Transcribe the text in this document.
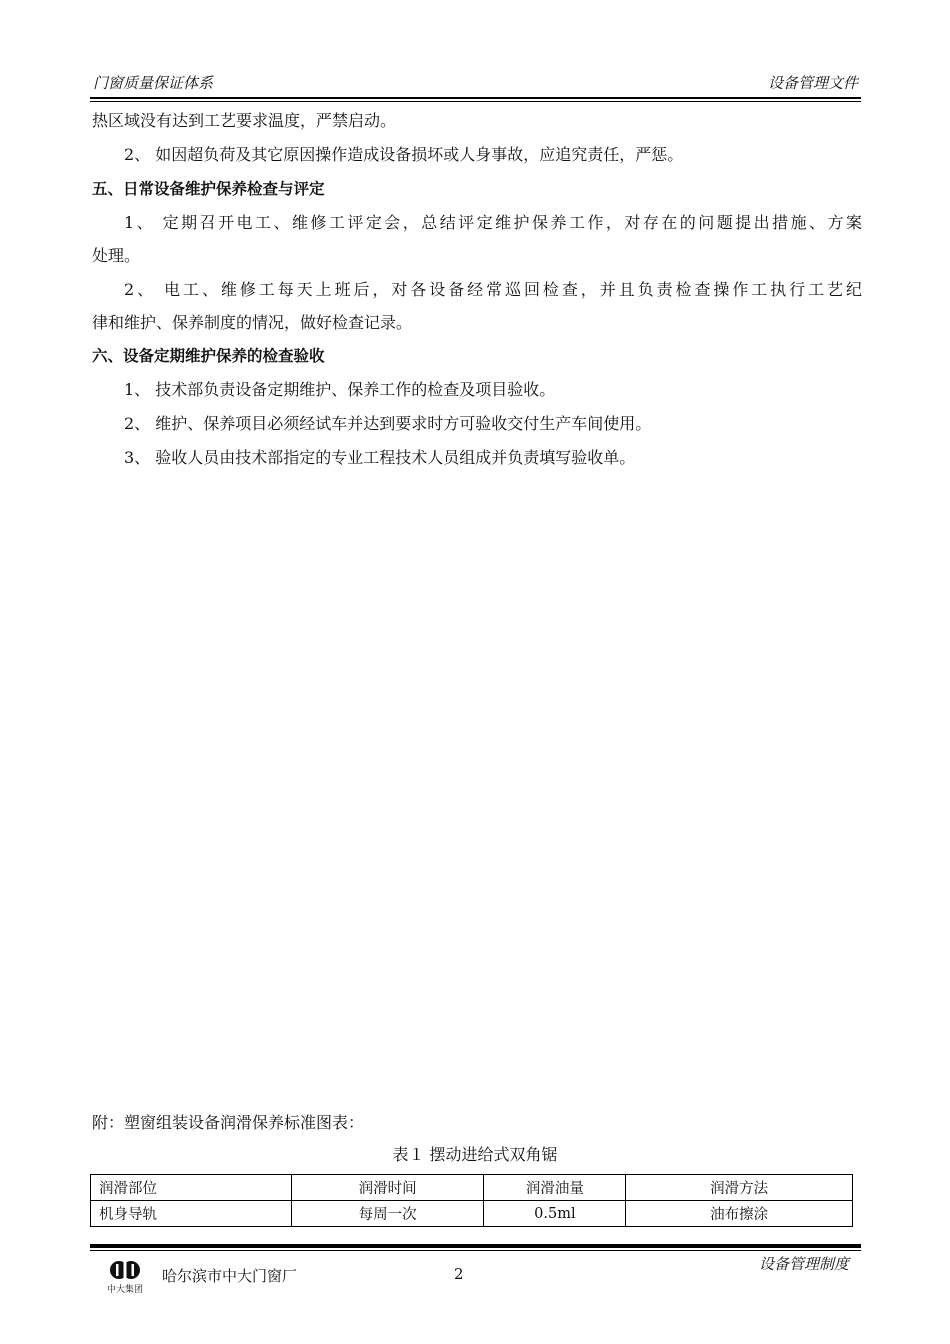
门窗质量保证体系	设备管理文件
热区域没有达到工艺要求温度，严禁启动。
2、 如因超负荷及其它原因操作造成设备损坏或人身事故，应追究责任，严惩。
五、日常设备维护保养检查与评定
1、 定期召开电工、维修工评定会，总结评定维护保养工作，对存在的问题提出措施、方案
处理。
2、 电工、维修工每天上班后，对各设备经常巡回检查，并且负责检查操作工执行工艺纪
律和维护、保养制度的情况，做好检查记录。
六、设备定期维护保养的检查验收
1、 技术部负责设备定期维护、保养工作的检查及项目验收。
2、 维护、保养项目必须经试车并达到要求时方可验收交付生产车间使用。
3、 验收人员由技术部指定的专业工程技术人员组成并负责填写验收单。
附：塑窗组装设备润滑保养标准图表：
表１ 摆动进给式双角锯
润滑部位	润滑时间	润滑油量	润滑方法
机身导轨	每周一次	0.5ml	油布擦涂
中大集团
哈尔滨市中大门窗厂	2
设备管理制度
